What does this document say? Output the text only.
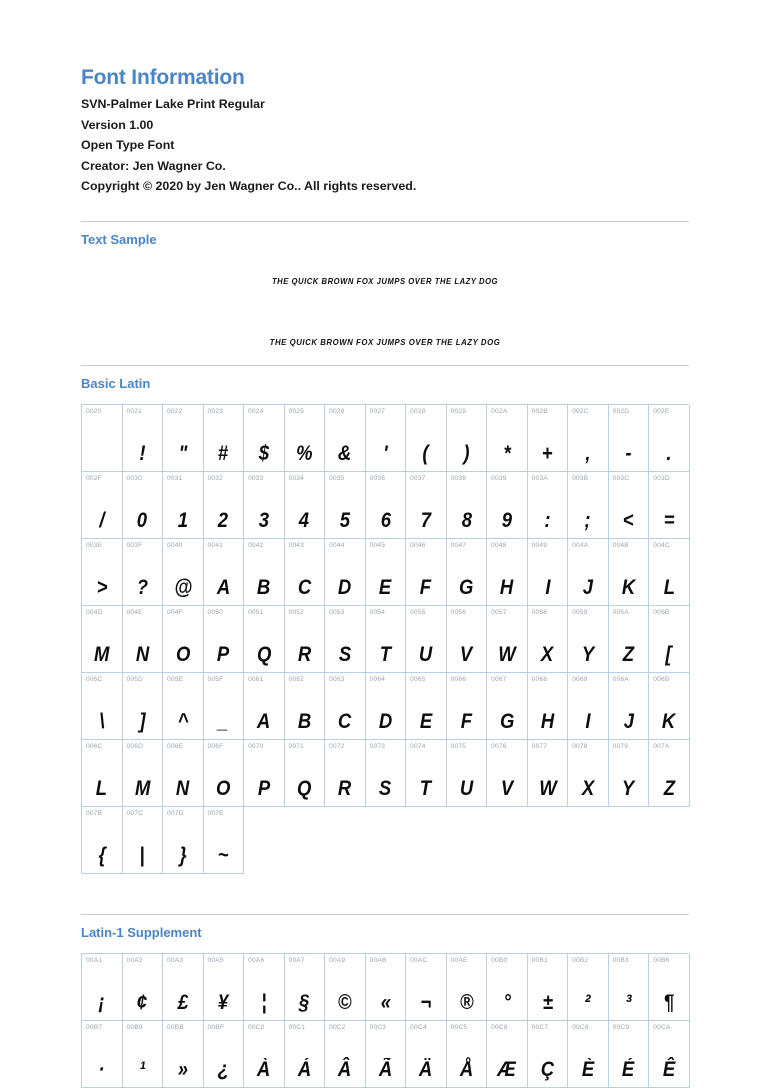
Font Information
SVN-Palmer Lake Print Regular
Version 1.00
Open Type Font
Creator: Jen Wagner Co.
Copyright © 2020 by Jen Wagner Co.. All rights reserved.
Text Sample
THE QUICK BROWN FOX JUMPS OVER THE LAZY DOG
THE QUICK BROWN FOX JUMPS OVER THE LAZY DOG
Basic Latin
0020	0021
!
0022
"
0023
#
0024
$
0025
%
0026
&
0027
'
0028
(
0029
)
002A
*
002B
+
002C
,
002D
-
002E
.
002F
/
0030
0
0031
1
0032
2
0033
3
0034
4
0035
5
0036
6
0037
7
0038
8
0039
9
003A
:
003B
;
003C
<
003D
=
003E
>
003F
?
0040
@
0041
A
0042
B
0043
C
0044
D
0045
E
0046
F
0047
G
0048
H
0049
I
004A
J
004B
K
004C
L
004D
M
004E
N
004F
O
0050
P
0051
Q
0052
R
0053
S
0054
T
0055
U
0056
V
0057
W
0058
X
0059
Y
005A
Z
005B
[
005C
\
005D
]
005E
^
005F
_
0061
A
0062
B
0063
C
0064
D
0065
E
0066
F
0067
G
0068
H
0069
I
006A
J
006B
K
006C
L
006D
M
006E
N
006F
O
0070
P
0071
Q
0072
R
0073
S
0074
T
0075
U
0076
V
0077
W
0078
X
0079
Y
007A
Z
007B
{
007C
|
007D
}
007E
~
Latin-1 Supplement
00A1
¡
00A2
¢
00A3
£
00A5
¥
00A6
¦
00A7
§
00A9
©
00AB
«
00AC
¬
00AE
®
00B0
°
00B1
±
00B2
²
00B3
³
00B6
¶
00B7
·
00B9
¹
00BB
»
00BF
¿
00C0
À
00C1
Á
00C2
Â
00C3
Ã
00C4
Ä
00C5
Å
00C6
Æ
00C7
Ç
00C8
È
00C9
É
00CA
Ê
